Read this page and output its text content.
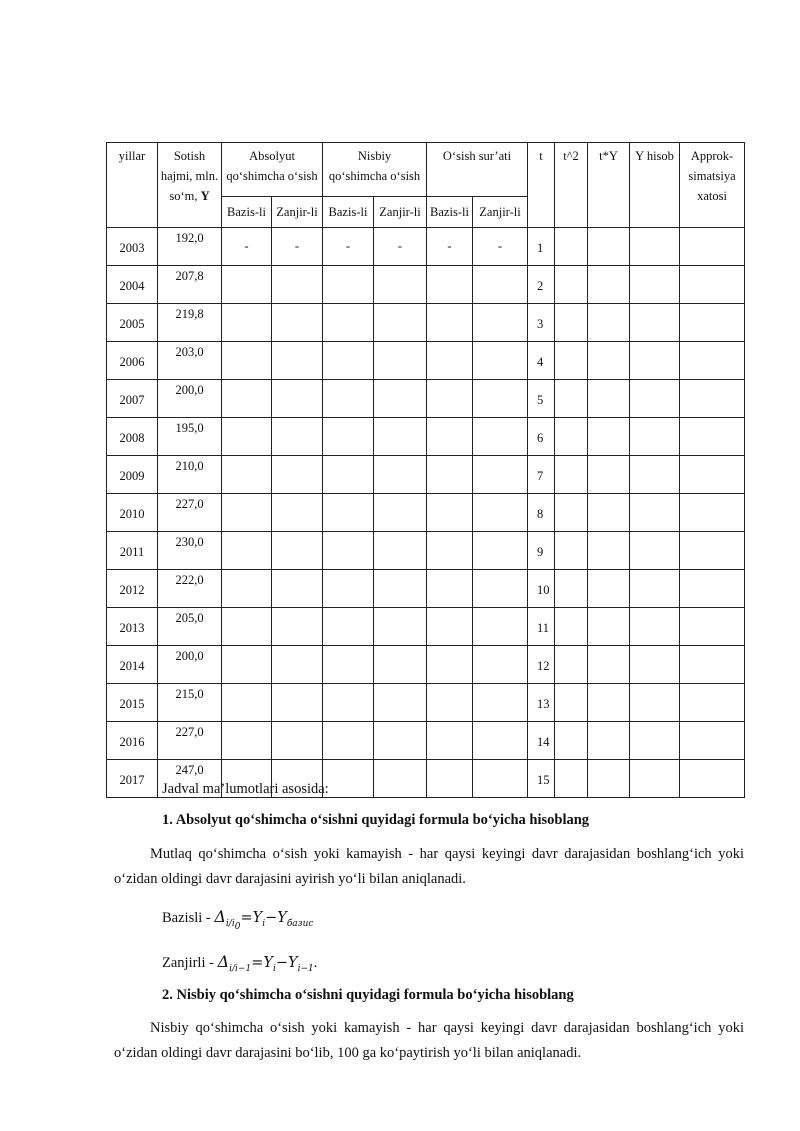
yillar	Sotish
hajmi, mln.
so‘m, Y	Absolyut
qo‘shimcha o‘sish		Nisbiy
qo‘shimcha o‘sish		O‘sish sur’ati		t	t^2	t*Y	Y hisob	Approk-
simatsiya
xatosi
		Bazis-li	Zanjir-li	Bazis-li	Zanjir-li	Bazis-li	Zanjir-li					
2003	192,0	-	-	-	-	-	-	1				
2004	207,8							2				
2005	219,8							3				
2006	203,0							4				
2007	200,0							5				
2008	195,0							6				
2009	210,0							7				
2010	227,0							8				
2011	230,0							9				
2012	222,0							10				
2013	205,0							11				
2014	200,0							12				
2015	215,0							13				
2016	227,0							14				
2017	247,0							15				
Jadval ma’lumotlari asosida:
1. Absolyut qo‘shimcha o‘sishni quyidagi formula bo‘yicha hisoblang
Mutlaq qo‘shimcha o‘sish yoki kamayish - har qaysi keyingi davr darajasidan boshlang‘ich yoki o‘zidan oldingi davr darajasini ayirish yo‘li bilan aniqlanadi.
Bazisli - $\Delta_{i/i_0}=Y_i-Y_{базис}$
Zanjirli - $\Delta_{i/i-1}=Y_i-Y_{i-1}$.
2. Nisbiy qo‘shimcha o‘sishni quyidagi formula bo‘yicha hisoblang
Nisbiy qo‘shimcha o‘sish yoki kamayish - har qaysi keyingi davr darajasidan boshlang‘ich yoki o‘zidan oldingi davr darajasini bo‘lib, 100 ga ko‘paytirish yo‘li bilan aniqlanadi.
